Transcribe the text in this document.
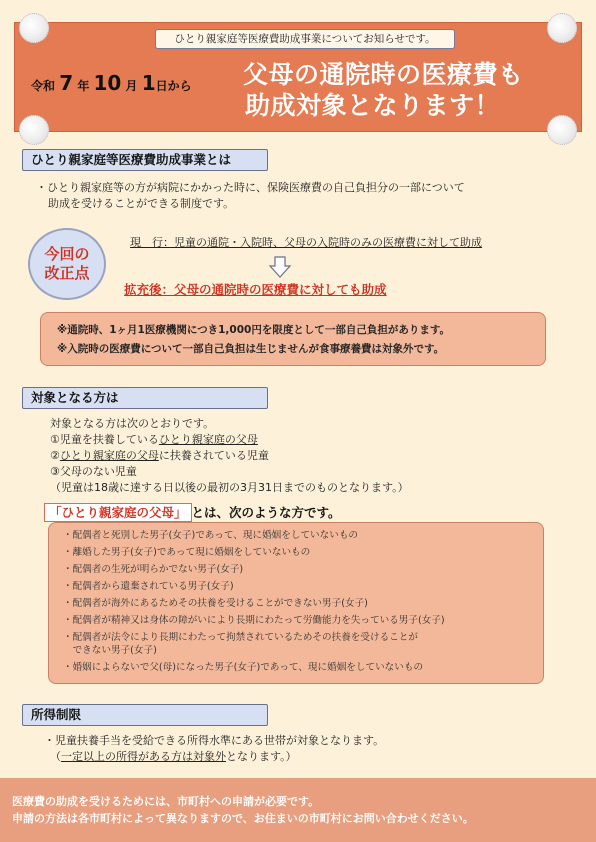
ひとり親家庭等医療費助成事業についてお知らせです。
令和 7 年 10 月 1日から 父母の通院時の医療費も
助成対象となります！
ひとり親家庭等医療費助成事業とは
・ひとり親家庭等の方が病院にかかった時に、保険医療費の自己負担分の一部について
助成を受けることができる制度です。
今回の
改正点
現　行：児童の通院・入院時、父母の入院時のみの医療費に対して助成
拡充後：父母の通院時の医療費に対しても助成
※通院時、1ヶ月1医療機関につき1,000円を限度として一部自己負担があります。
※入院時の医療費について一部自己負担は生じませんが食事療養費は対象外です。
対象となる方は
対象となる方は次のとおりです。
①児童を扶養しているひとり親家庭の父母
②ひとり親家庭の父母に扶養されている児童
③父母のない児童
（児童は18歳に達する日以後の最初の3月31日までのものとなります。）
「ひとり親家庭の父母」 とは、次のような方です。
・配偶者と死別した男子(女子)であって、現に婚姻をしていないもの
・離婚した男子(女子)であって現に婚姻をしていないもの
・配偶者の生死が明らかでない男子(女子)
・配偶者から遺棄されている男子(女子)
・配偶者が海外にあるためその扶養を受けることができない男子(女子)
・配偶者が精神又は身体の障がいにより長期にわたって労働能力を失っている男子(女子)
・配偶者が法令により長期にわたって拘禁されているためその扶養を受けることが
　できない男子(女子)
・婚姻によらないで父(母)になった男子(女子)であって、現に婚姻をしていないもの
所得制限
・児童扶養手当を受給できる所得水準にある世帯が対象となります。
（一定以上の所得がある方は対象外となります。）
医療費の助成を受けるためには、市町村への申請が必要です。
申請の方法は各市町村によって異なりますので、お住まいの市町村にお問い合わせください。
